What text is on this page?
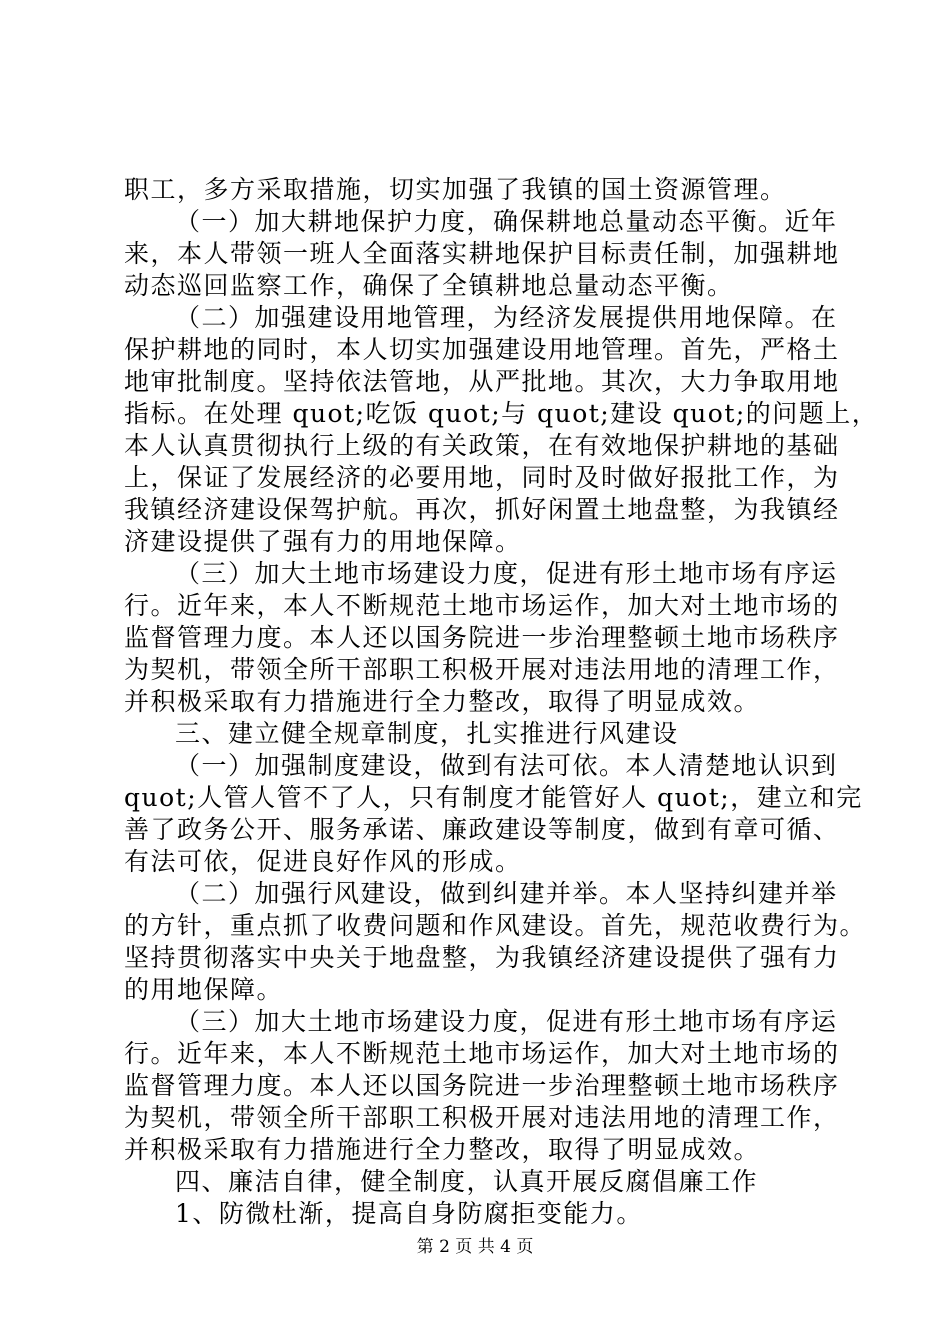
职工，多方采取措施，切实加强了我镇的国土资源管理。
（一）加大耕地保护力度，确保耕地总量动态平衡。近年
来，本人带领一班人全面落实耕地保护目标责任制，加强耕地
动态巡回监察工作，确保了全镇耕地总量动态平衡。
（二）加强建设用地管理，为经济发展提供用地保障。在
保护耕地的同时，本人切实加强建设用地管理。首先，严格土
地审批制度。坚持依法管地，从严批地。其次，大力争取用地
指标。在处理 quot;吃饭 quot;与 quot;建设 quot;的问题上，
本人认真贯彻执行上级的有关政策，在有效地保护耕地的基础
上，保证了发展经济的必要用地，同时及时做好报批工作，为
我镇经济建设保驾护航。再次，抓好闲置土地盘整，为我镇经
济建设提供了强有力的用地保障。
（三）加大土地市场建设力度，促进有形土地市场有序运
行。近年来，本人不断规范土地市场运作，加大对土地市场的
监督管理力度。本人还以国务院进一步治理整顿土地市场秩序
为契机，带领全所干部职工积极开展对违法用地的清理工作，
并积极采取有力措施进行全力整改，取得了明显成效。
三、建立健全规章制度，扎实推进行风建设
（一）加强制度建设，做到有法可依。本人清楚地认识到
quot;人管人管不了人，只有制度才能管好人 quot;，建立和完
善了政务公开、服务承诺、廉政建设等制度，做到有章可循、
有法可依，促进良好作风的形成。
（二）加强行风建设，做到纠建并举。本人坚持纠建并举
的方针，重点抓了收费问题和作风建设。首先，规范收费行为。
坚持贯彻落实中央关于地盘整，为我镇经济建设提供了强有力
的用地保障。
（三）加大土地市场建设力度，促进有形土地市场有序运
行。近年来，本人不断规范土地市场运作，加大对土地市场的
监督管理力度。本人还以国务院进一步治理整顿土地市场秩序
为契机，带领全所干部职工积极开展对违法用地的清理工作，
并积极采取有力措施进行全力整改，取得了明显成效。
四、廉洁自律，健全制度，认真开展反腐倡廉工作
1、防微杜渐，提高自身防腐拒变能力。
第 2 页 共 4 页
